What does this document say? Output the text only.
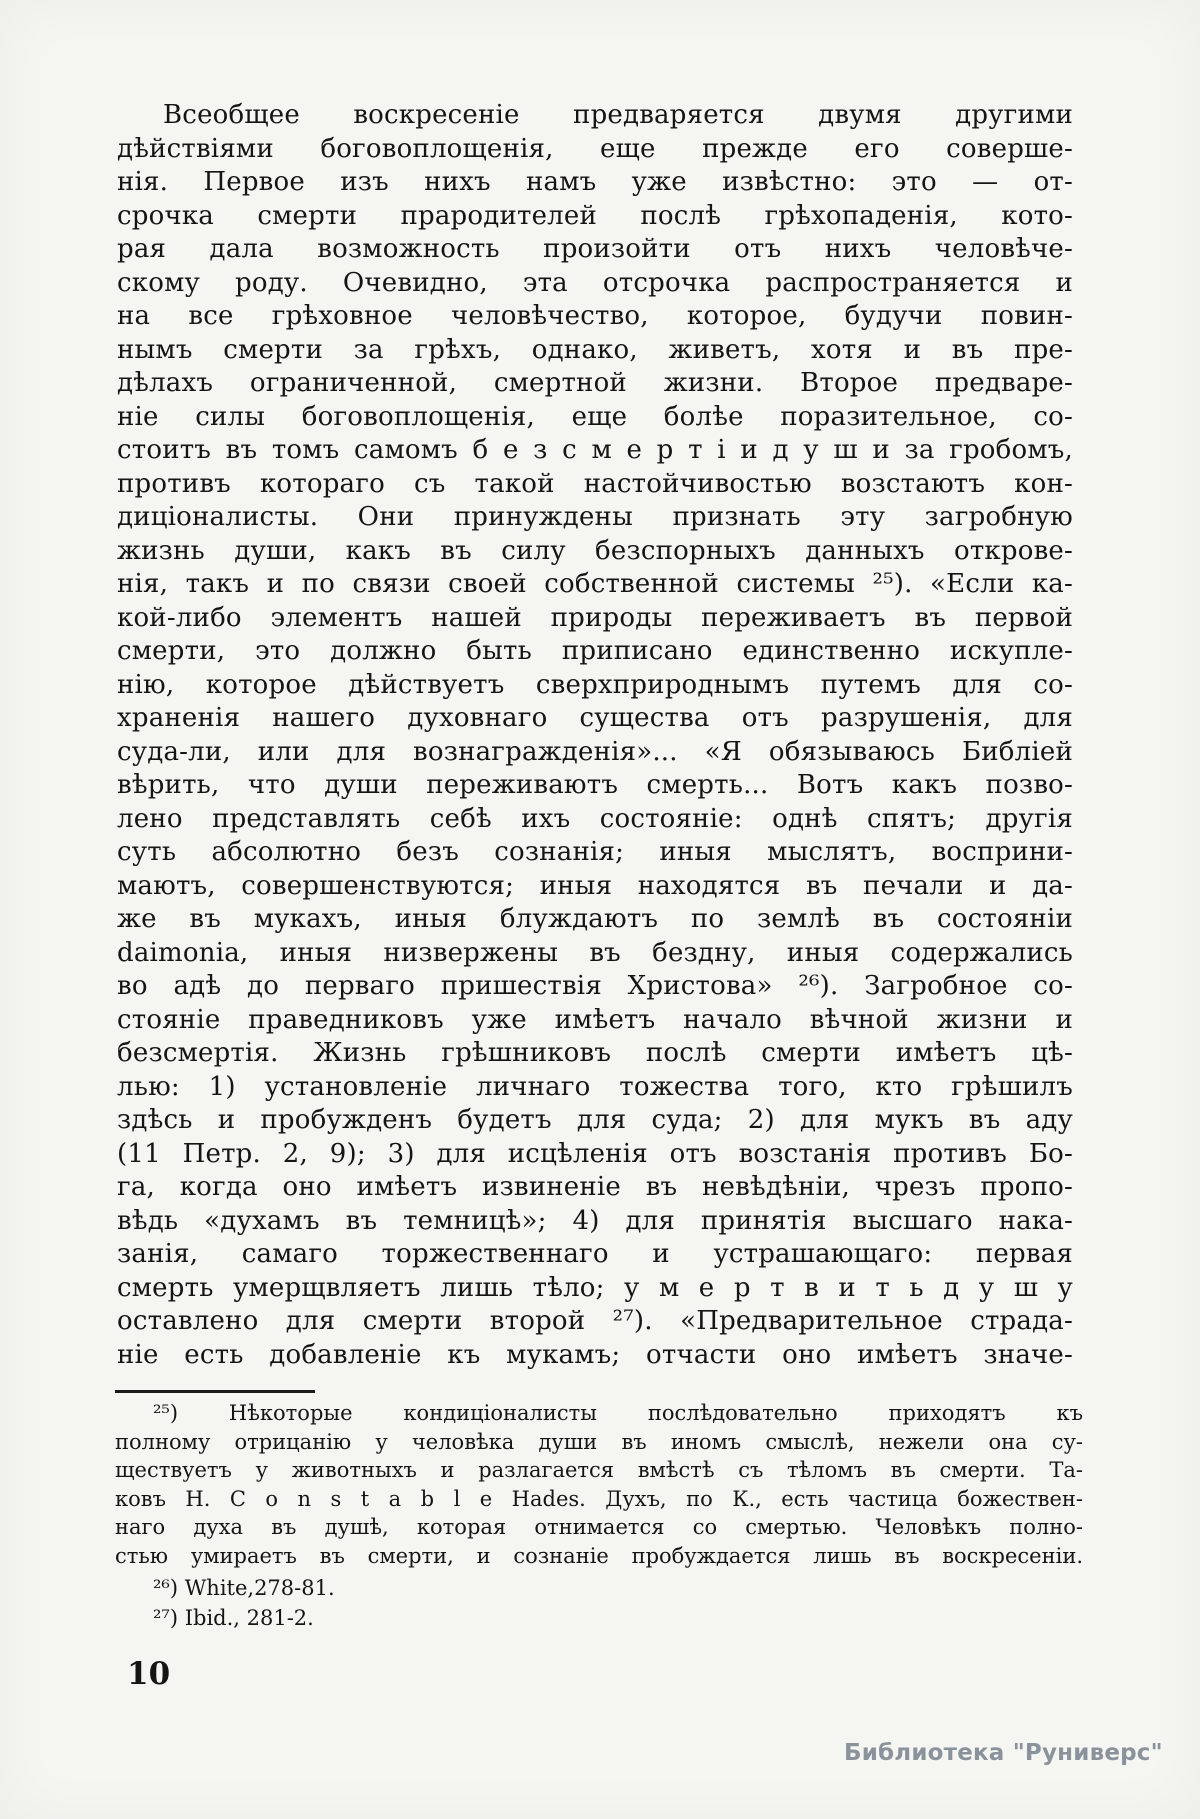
Всеобщее воскресеніе предваряется двумя другими
дѣйствіями боговоплощенія, еще прежде его соверше-
нія. Первое изъ нихъ намъ уже извѣстно: это — от-
срочка смерти прародителей послѣ грѣхопаденія, кото-
рая дала возможность произойти отъ нихъ человѣче-
скому роду. Очевидно, эта отсрочка распространяется и
на все грѣховное человѣчество, которое, будучи повин-
нымъ смерти за грѣхъ, однако, живетъ, хотя и въ пре-
дѣлахъ ограниченной, смертной жизни. Второе предваре-
ніе силы боговоплощенія, еще болѣе поразительное, со-
стоитъ въ томъ самомъ б е з с м е р т і и д у ш и за гробомъ,
противъ котораго съ такой настойчивостью возстаютъ кон-
диціоналисты. Они принуждены признать эту загробную
жизнь души, какъ въ силу безспорныхъ данныхъ открове-
нія, такъ и по связи своей собственной системы ²⁵). «Если ка-
кой-либо элементъ нашей природы переживаетъ въ первой
смерти, это должно быть приписано единственно искупле-
нію, которое дѣйствуетъ сверхприроднымъ путемъ для со-
храненія нашего духовнаго существа отъ разрушенія, для
суда-ли, или для вознагражденія»... «Я обязываюсь Библіей
вѣрить, что души переживаютъ смерть... Вотъ какъ позво-
лено представлять себѣ ихъ состояніе: однѣ спятъ; другія
суть абсолютно безъ сознанія; иныя мыслятъ, восприни-
маютъ, совершенствуются; иныя находятся въ печали и да-
же въ мукахъ, иныя блуждаютъ по землѣ въ состояніи
daimonia, иныя низвержены въ бездну, иныя содержались
во адѣ до перваго пришествія Христова» ²⁶). Загробное со-
стояніе праведниковъ уже имѣетъ начало вѣчной жизни и
безсмертія. Жизнь грѣшниковъ послѣ смерти имѣетъ цѣ-
лью: 1) установленіе личнаго тожества того, кто грѣшилъ
здѣсь и пробужденъ будетъ для суда; 2) для мукъ въ аду
(11 Петр. 2, 9); 3) для исцѣленія отъ возстанія противъ Бо-
га, когда оно имѣетъ извиненіе въ невѣдѣніи, чрезъ пропо-
вѣдь «духамъ въ темницѣ»; 4) для принятія высшаго нака-
занія, самаго торжественнаго и устрашающаго: первая
смерть умерщвляетъ лишь тѣло; у м е р т в и т ь д у ш у
оставлено для смерти второй ²⁷). «Предварительное страда-
ніе есть добавленіе къ мукамъ; отчасти оно имѣетъ значе-
²⁵) Нѣкоторые кондиціоналисты послѣдовательно приходятъ къ
полному отрицанію у человѣка души въ иномъ смыслѣ, нежели она су-
ществуетъ у животныхъ и разлагается вмѣстѣ съ тѣломъ въ смерти. Та-
ковъ H. C o n s t a b l e Hades. Духъ, по К., есть частица божествен-
наго духа въ душѣ, которая отнимается со смертью. Человѣкъ полно-
стью умираетъ въ смерти, и сознаніе пробуждается лишь въ воскресеніи.
²⁶) White,278-81.
²⁷) Ibid., 281-2.
10
Библиотека "Руниверс"
